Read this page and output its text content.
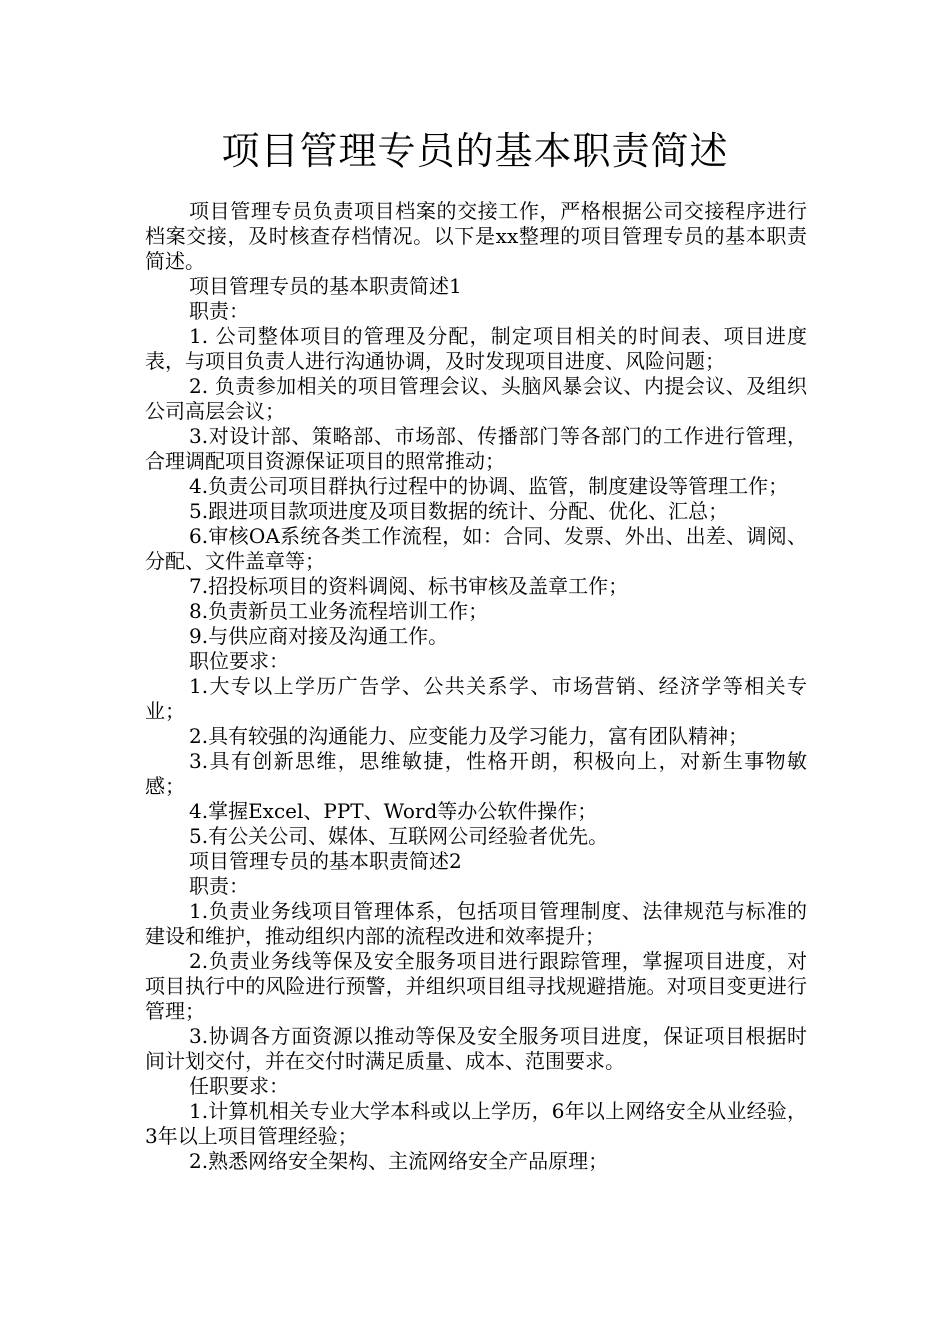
项目管理专员的基本职责简述

项目管理专员负责项目档案的交接工作，严格根据公司交接程序进行档案交接，及时核查存档情况。以下是xx整理的项目管理专员的基本职责简述。

项目管理专员的基本职责简述1

职责：

1. 公司整体项目的管理及分配，制定项目相关的时间表、项目进度表，与项目负责人进行沟通协调，及时发现项目进度、风险问题；

2. 负责参加相关的项目管理会议、头脑风暴会议、内提会议、及组织公司高层会议；

3.对设计部、策略部、市场部、传播部门等各部门的工作进行管理，合理调配项目资源保证项目的照常推动；

4.负责公司项目群执行过程中的协调、监管，制度建设等管理工作；

5.跟进项目款项进度及项目数据的统计、分配、优化、汇总；

6.审核OA系统各类工作流程，如：合同、发票、外出、出差、调阅、分配、文件盖章等；

7.招投标项目的资料调阅、标书审核及盖章工作；

8.负责新员工业务流程培训工作；

9.与供应商对接及沟通工作。

职位要求：

1.大专以上学历广告学、公共关系学、市场营销、经济学等相关专业；

2.具有较强的沟通能力、应变能力及学习能力，富有团队精神；

3.具有创新思维，思维敏捷，性格开朗，积极向上，对新生事物敏感；

4.掌握Excel、PPT、Word等办公软件操作；

5.有公关公司、媒体、互联网公司经验者优先。

项目管理专员的基本职责简述2

职责：

1.负责业务线项目管理体系，包括项目管理制度、法律规范与标准的建设和维护，推动组织内部的流程改进和效率提升；

2.负责业务线等保及安全服务项目进行跟踪管理，掌握项目进度，对项目执行中的风险进行预警，并组织项目组寻找规避措施。对项目变更进行管理；

3.协调各方面资源以推动等保及安全服务项目进度，保证项目根据时间计划交付，并在交付时满足质量、成本、范围要求。

任职要求：

1.计算机相关专业大学本科或以上学历，6年以上网络安全从业经验，3年以上项目管理经验；

2.熟悉网络安全架构、主流网络安全产品原理；
